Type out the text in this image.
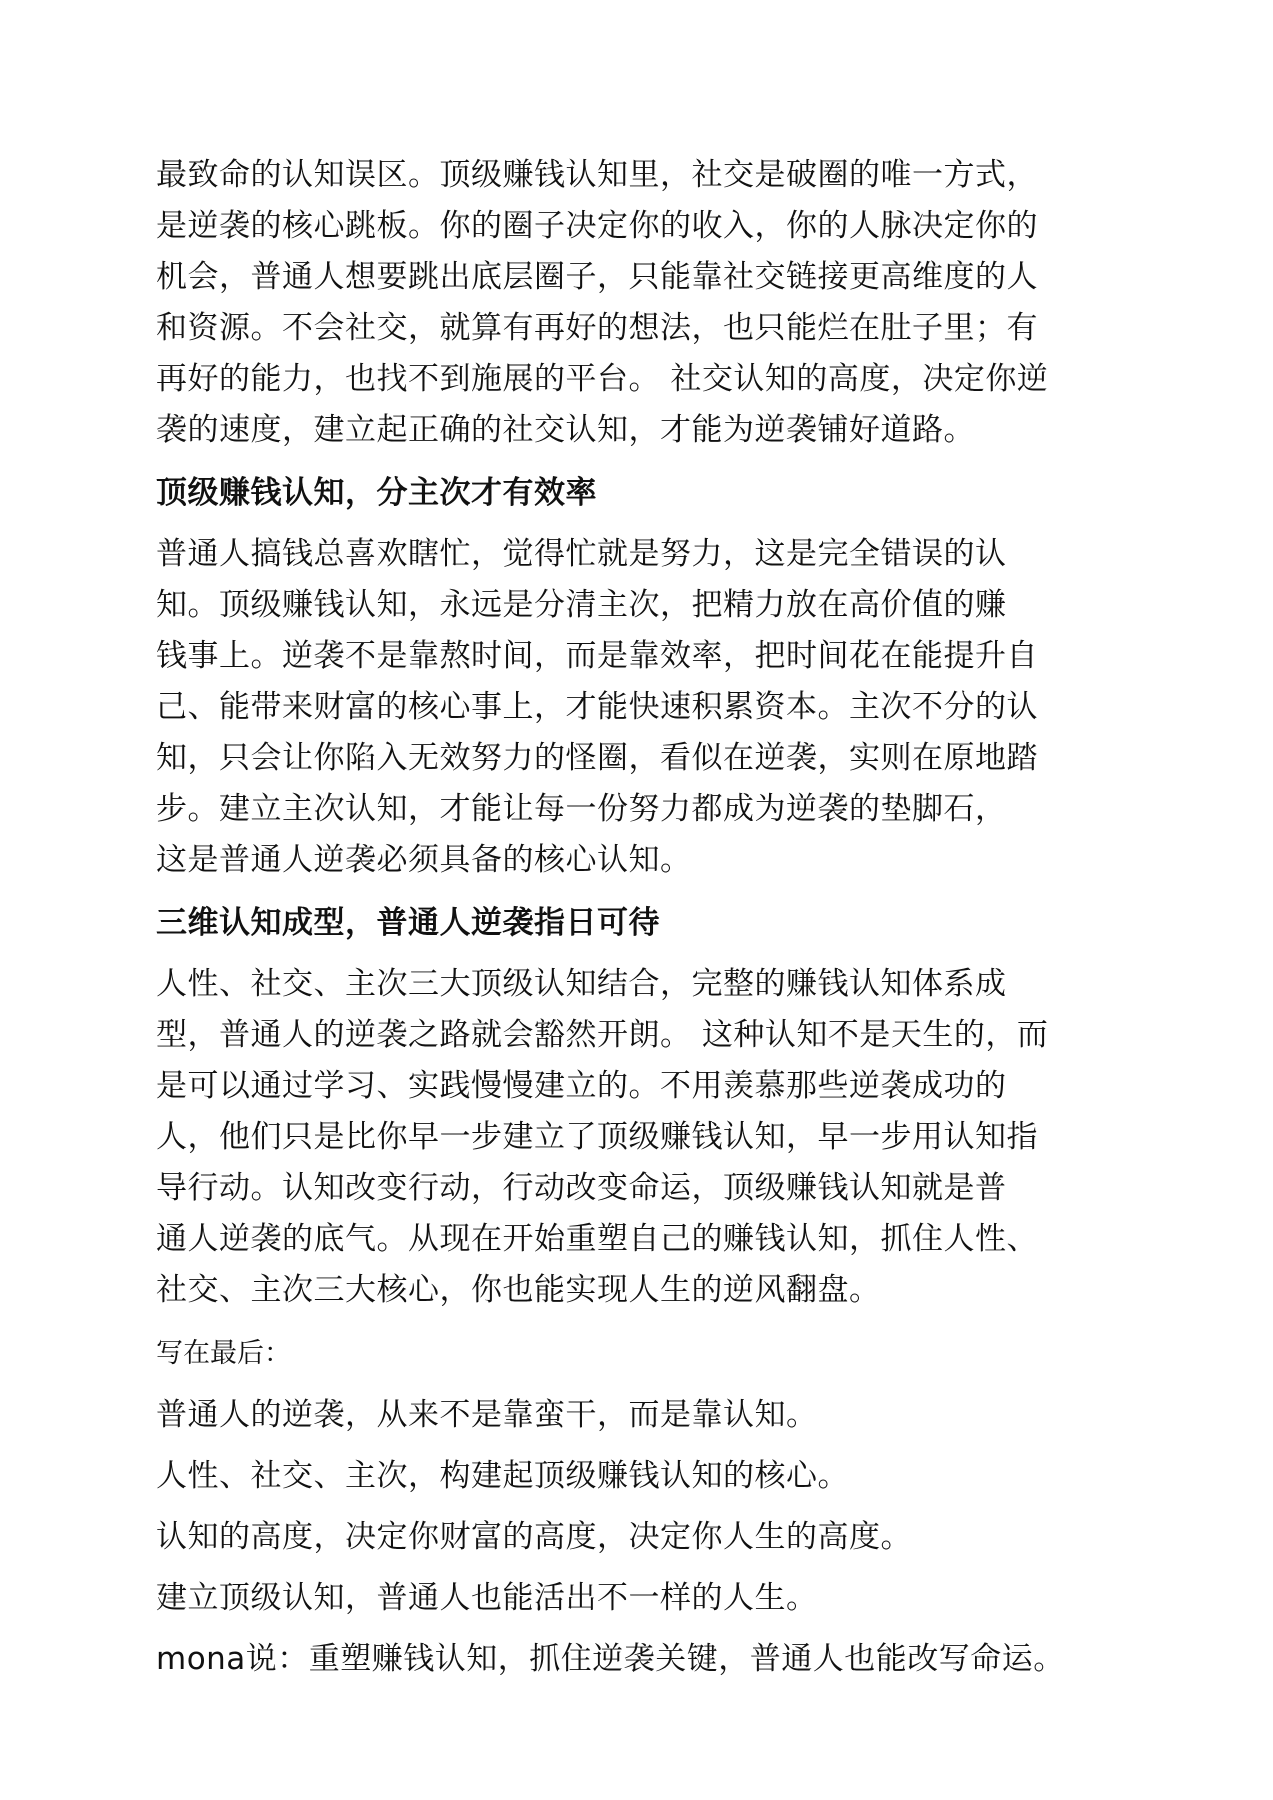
最致命的认知误区。顶级赚钱认知里，社交是破圈的唯一方式，
是逆袭的核心跳板。你的圈子决定你的收入，你的人脉决定你的
机会，普通人想要跳出底层圈子，只能靠社交链接更高维度的人
和资源。不会社交，就算有再好的想法，也只能烂在肚子里；有
再好的能力，也找不到施展的平台。 社交认知的高度，决定你逆
袭的速度，建立起正确的社交认知，才能为逆袭铺好道路。
顶级赚钱认知，分主次才有效率
普通人搞钱总喜欢瞎忙，觉得忙就是努力，这是完全错误的认
知。顶级赚钱认知，永远是分清主次，把精力放在高价值的赚
钱事上。逆袭不是靠熬时间，而是靠效率，把时间花在能提升自
己、能带来财富的核心事上，才能快速积累资本。主次不分的认
知，只会让你陷入无效努力的怪圈，看似在逆袭，实则在原地踏
步。建立主次认知，才能让每一份努力都成为逆袭的垫脚石，
这是普通人逆袭必须具备的核心认知。
三维认知成型，普通人逆袭指日可待
人性、社交、主次三大顶级认知结合，完整的赚钱认知体系成
型，普通人的逆袭之路就会豁然开朗。 这种认知不是天生的，而
是可以通过学习、实践慢慢建立的。不用羡慕那些逆袭成功的
人，他们只是比你早一步建立了顶级赚钱认知，早一步用认知指
导行动。认知改变行动，行动改变命运，顶级赚钱认知就是普
通人逆袭的底气。从现在开始重塑自己的赚钱认知，抓住人性、
社交、主次三大核心，你也能实现人生的逆风翻盘。
写在最后：
普通人的逆袭，从来不是靠蛮干，而是靠认知。
人性、社交、主次，构建起顶级赚钱认知的核心。
认知的高度，决定你财富的高度，决定你人生的高度。
建立顶级认知，普通人也能活出不一样的人生。
mona说：重塑赚钱认知，抓住逆袭关键，普通人也能改写命运。
